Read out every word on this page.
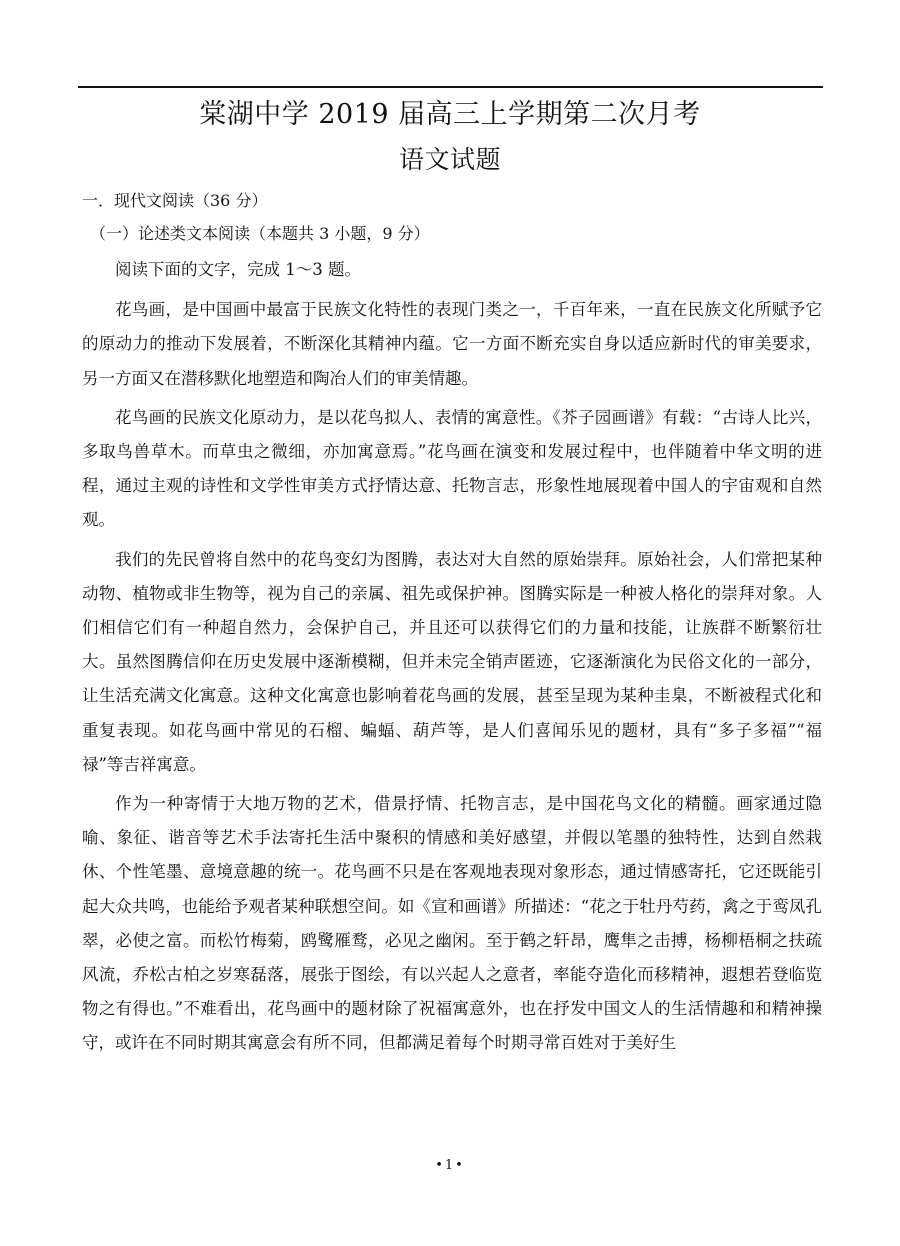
棠湖中学 2019 届高三上学期第二次月考
语文试题
一．现代文阅读（36 分）
（一）论述类文本阅读（本题共 3 小题，9 分）

阅读下面的文字，完成 1～3 题。

花鸟画，是中国画中最富于民族文化特性的表现门类之一，千百年来，一直在民族文化所赋予它的原动力的推动下发展着，不断深化其精神内蕴。它一方面不断充实自身以适应新时代的审美要求，另一方面又在潜移默化地塑造和陶冶人们的审美情趣。

花鸟画的民族文化原动力，是以花鸟拟人、表情的寓意性。《芥子园画谱》有载：“古诗人比兴，多取鸟兽草木。而草虫之微细，亦加寓意焉。”花鸟画在演变和发展过程中，也伴随着中华文明的进程，通过主观的诗性和文学性审美方式抒情达意、托物言志，形象性地展现着中国人的宇宙观和自然观。

我们的先民曾将自然中的花鸟变幻为图腾，表达对大自然的原始崇拜。原始社会，人们常把某种动物、植物或非生物等，视为自己的亲属、祖先或保护神。图腾实际是一种被人格化的崇拜对象。人们相信它们有一种超自然力，会保护自己，并且还可以获得它们的力量和技能，让族群不断繁衍壮大。虽然图腾信仰在历史发展中逐渐模糊，但并未完全销声匿迹，它逐渐演化为民俗文化的一部分，让生活充满文化寓意。这种文化寓意也影响着花鸟画的发展，甚至呈现为某种圭臬，不断被程式化和重复表现。如花鸟画中常见的石榴、蝙蝠、葫芦等，是人们喜闻乐见的题材，具有“多子多福”“福禄”等吉祥寓意。

作为一种寄情于大地万物的艺术，借景抒情、托物言志，是中国花鸟文化的精髓。画家通过隐喻、象征、谐音等艺术手法寄托生活中聚积的情感和美好感望，并假以笔墨的独特性，达到自然栽休、个性笔墨、意境意趣的统一。花鸟画不只是在客观地表现对象形态，通过情感寄托，它还既能引起大众共鸣，也能给予观者某种联想空间。如《宣和画谱》所描述：“花之于牡丹芍药，禽之于鸾凤孔翠，必使之富。而松竹梅菊，鸥鹭雁鹜，必见之幽闲。至于鹤之轩昂，鹰隼之击搏，杨柳梧桐之扶疏风流，乔松古柏之岁寒磊落，展张于图绘，有以兴起人之意者，率能夺造化而移精神，遐想若登临览物之有得也。”不难看出，花鸟画中的题材除了祝福寓意外，也在抒发中国文人的生活情趣和和精神操守，或许在不同时期其寓意会有所不同，但都满足着每个时期寻常百姓对于美好生

•1•
